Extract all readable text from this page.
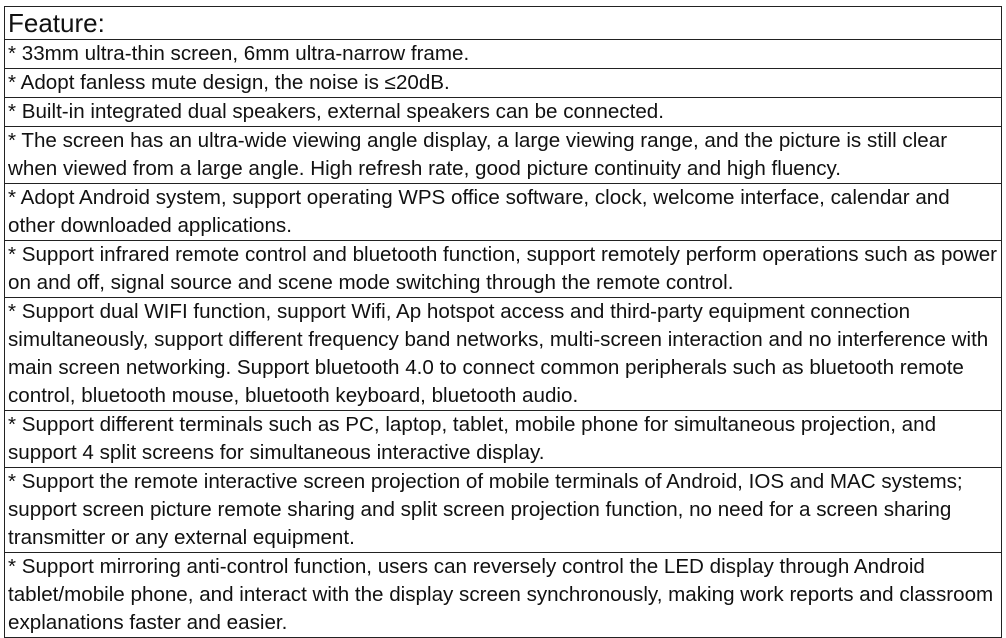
Feature:
* 33mm ultra-thin screen, 6mm ultra-narrow frame.
* Adopt fanless mute design, the noise is ≤20dB.
* Built-in integrated dual speakers, external speakers can be connected.
* The screen has an ultra-wide viewing angle display, a large viewing range, and the picture is still clear when viewed from a large angle. High refresh rate, good picture continuity and high fluency.
* Adopt Android system, support operating WPS office software, clock, welcome interface, calendar and other downloaded applications.
* Support infrared remote control and bluetooth function, support remotely perform operations such as power on and off, signal source and scene mode switching through the remote control.
* Support dual WIFI function, support Wifi, Ap hotspot access and third-party equipment connection simultaneously, support different frequency band networks, multi-screen interaction and no interference with main screen networking. Support bluetooth 4.0 to connect common peripherals such as bluetooth remote control, bluetooth mouse, bluetooth keyboard, bluetooth audio.
* Support different terminals such as PC, laptop, tablet, mobile phone for simultaneous projection, and support 4 split screens for simultaneous interactive display.
* Support the remote interactive screen projection of mobile terminals of Android, IOS and MAC systems; support screen picture remote sharing and split screen projection function, no need for a screen sharing transmitter or any external equipment.
* Support mirroring anti-control function, users can reversely control the LED display through Android tablet/mobile phone, and interact with the display screen synchronously, making work reports and classroom explanations faster and easier.
